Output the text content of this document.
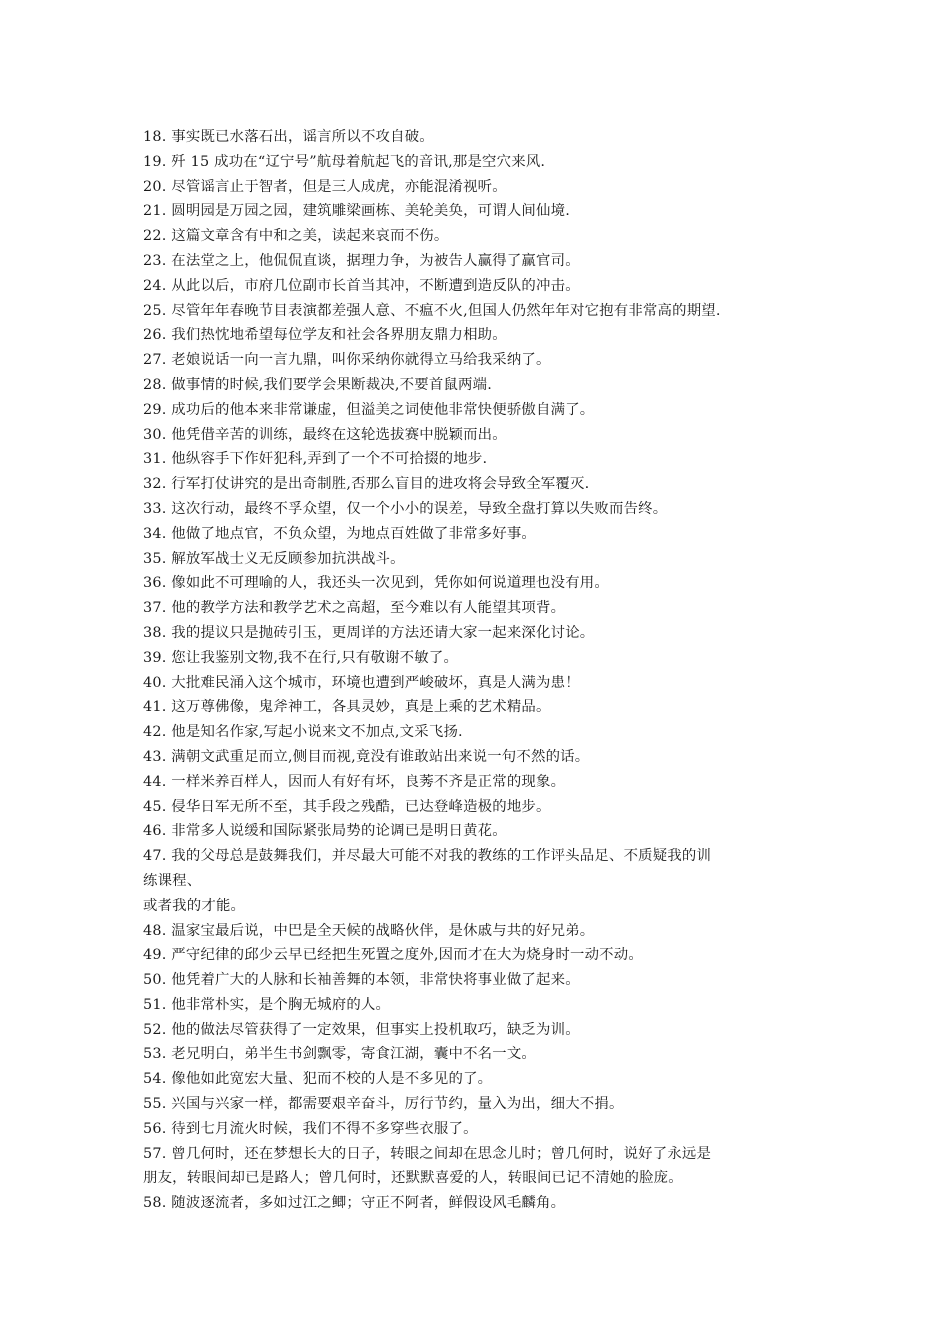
18. 事实既已水落石出，谣言所以不攻自破。
19. 歼 15 成功在“辽宁号”航母着航起飞的音讯,那是空穴来风.
20. 尽管谣言止于智者，但是三人成虎，亦能混淆视听。
21. 圆明园是万园之园，建筑雕梁画栋、美轮美奂，可谓人间仙境.
22. 这篇文章含有中和之美，读起来哀而不伤。
23. 在法堂之上，他侃侃直谈，据理力争，为被告人赢得了赢官司。
24. 从此以后，市府几位副市长首当其冲，不断遭到造反队的冲击。
25. 尽管年年春晚节目表演都差强人意、不瘟不火,但国人仍然年年对它抱有非常高的期望.
26. 我们热忱地希望每位学友和社会各界朋友鼎力相助。
27. 老娘说话一向一言九鼎，叫你采纳你就得立马给我采纳了。
28. 做事情的时候,我们要学会果断裁决,不要首鼠两端.
29. 成功后的他本来非常谦虚，但溢美之词使他非常快便骄傲自满了。
30. 他凭借辛苦的训练，最终在这轮选拔赛中脱颖而出。
31. 他纵容手下作奸犯科,弄到了一个不可拾掇的地步.
32. 行军打仗讲究的是出奇制胜,否那么盲目的进攻将会导致全军覆灭.
33. 这次行动，最终不孚众望，仅一个小小的误差，导致全盘打算以失败而告终。
34. 他做了地点官，不负众望，为地点百姓做了非常多好事。
35. 解放军战士义无反顾参加抗洪战斗。
36. 像如此不可理喻的人，我还头一次见到，凭你如何说道理也没有用。
37. 他的教学方法和教学艺术之高超，至今难以有人能望其项背。
38. 我的提议只是抛砖引玉，更周详的方法还请大家一起来深化讨论。
39. 您让我鉴别文物,我不在行,只有敬谢不敏了。
40. 大批难民涌入这个城市，环境也遭到严峻破坏，真是人满为患！
41. 这万尊佛像，鬼斧神工，各具灵妙，真是上乘的艺术精品。
42. 他是知名作家,写起小说来文不加点,文采飞扬.
43. 满朝文武重足而立,侧目而视,竟没有谁敢站出来说一句不然的话。
44. 一样米养百样人，因而人有好有坏，良莠不齐是正常的现象。
45. 侵华日军无所不至，其手段之残酷，已达登峰造极的地步。
46. 非常多人说缓和国际紧张局势的论调已是明日黄花。
47. 我的父母总是鼓舞我们，并尽最大可能不对我的教练的工作评头品足、不质疑我的训
练课程、
或者我的才能。
48. 温家宝最后说，中巴是全天候的战略伙伴，是休戚与共的好兄弟。
49. 严守纪律的邱少云早已经把生死置之度外,因而才在大为烧身时一动不动。
50. 他凭着广大的人脉和长袖善舞的本领，非常快将事业做了起来。
51. 他非常朴实，是个胸无城府的人。
52. 他的做法尽管获得了一定效果，但事实上投机取巧，缺乏为训。
53. 老兄明白，弟半生书剑飘零，寄食江湖，囊中不名一文。
54. 像他如此宽宏大量、犯而不校的人是不多见的了。
55. 兴国与兴家一样，都需要艰辛奋斗，厉行节约，量入为出，细大不捐。
56. 待到七月流火时候，我们不得不多穿些衣服了。
57. 曾几何时，还在梦想长大的日子，转眼之间却在思念儿时；曾几何时，说好了永远是
朋友，转眼间却已是路人；曾几何时，还默默喜爱的人，转眼间已记不清她的脸庞。
58. 随波逐流者，多如过江之鲫；守正不阿者，鲜假设风毛麟角。
